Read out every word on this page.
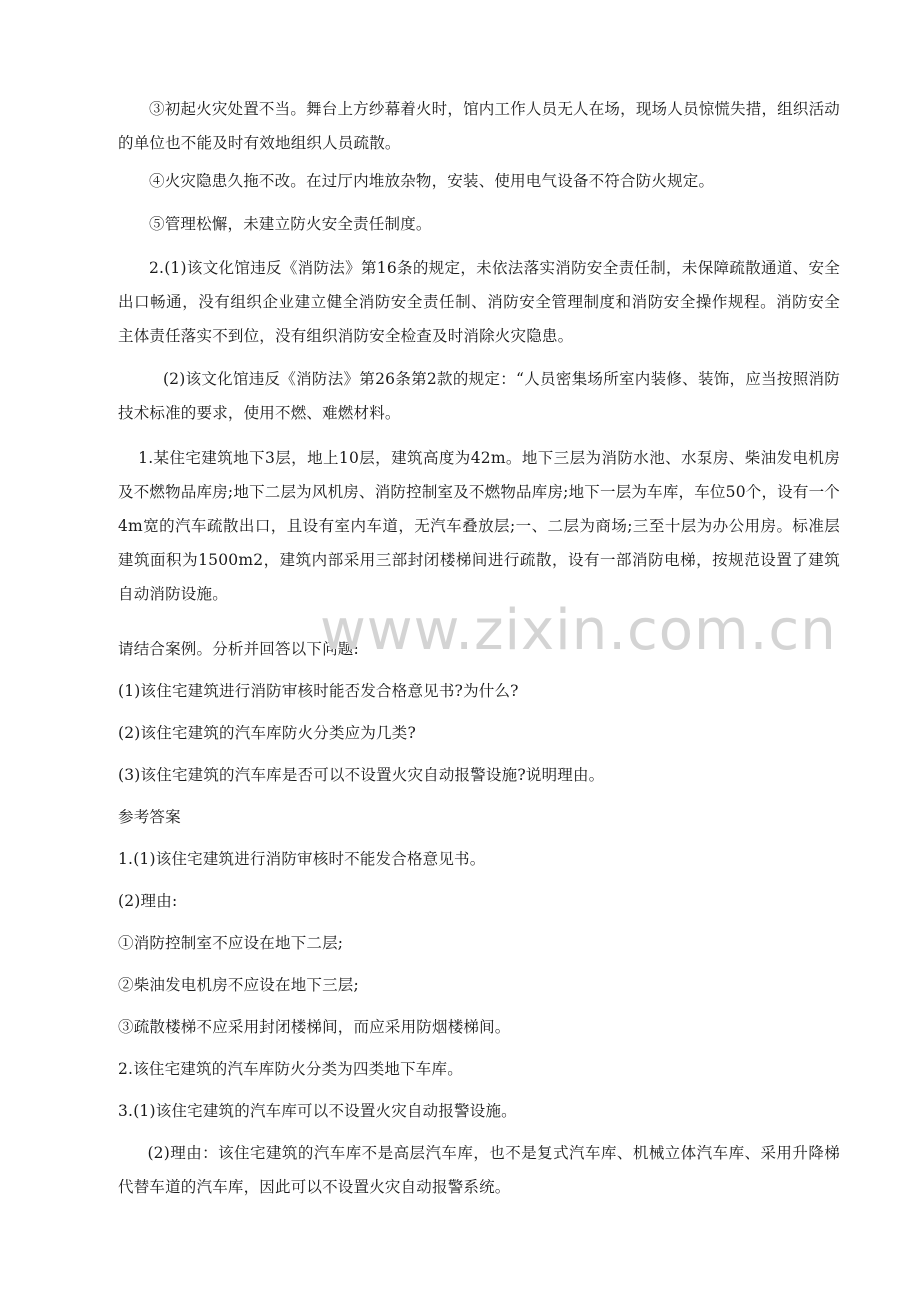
③初起火灾处置不当。舞台上方纱幕着火时，馆内工作人员无人在场，现场人员惊慌失措，组织活动的单位也不能及时有效地组织人员疏散。

④火灾隐患久拖不改。在过厅内堆放杂物，安装、使用电气设备不符合防火规定。

⑤管理松懈，未建立防火安全责任制度。

2.(1)该文化馆违反《消防法》第16条的规定，未依法落实消防安全责任制，未保障疏散通道、安全出口畅通，没有组织企业建立健全消防安全责任制、消防安全管理制度和消防安全操作规程。消防安全主体责任落实不到位，没有组织消防安全检查及时消除火灾隐患。

(2)该文化馆违反《消防法》第26条第2款的规定：“人员密集场所室内装修、装饰，应当按照消防技术标准的要求，使用不燃、难燃材料。

1.某住宅建筑地下3层，地上10层，建筑高度为42m。地下三层为消防水池、水泵房、柴油发电机房及不燃物品库房;地下二层为风机房、消防控制室及不燃物品库房;地下一层为车库，车位50个，设有一个4m宽的汽车疏散出口，且设有室内车道，无汽车叠放层;一、二层为商场;三至十层为办公用房。标准层建筑面积为1500m2，建筑内部采用三部封闭楼梯间进行疏散，设有一部消防电梯，按规范设置了建筑自动消防设施。

请结合案例。分析并回答以下问题:

(1)该住宅建筑进行消防审核时能否发合格意见书?为什么?

(2)该住宅建筑的汽车库防火分类应为几类?

(3)该住宅建筑的汽车库是否可以不设置火灾自动报警设施?说明理由。

参考答案

1.(1)该住宅建筑进行消防审核时不能发合格意见书。

(2)理由:

①消防控制室不应设在地下二层;

②柴油发电机房不应设在地下三层;

③疏散楼梯不应采用封闭楼梯间，而应采用防烟楼梯间。

2.该住宅建筑的汽车库防火分类为四类地下车库。

3.(1)该住宅建筑的汽车库可以不设置火灾自动报警设施。

(2)理由：该住宅建筑的汽车库不是高层汽车库，也不是复式汽车库、机械立体汽车库、采用升降梯代替车道的汽车库，因此可以不设置火灾自动报警系统。

www.zixin.com.cn
